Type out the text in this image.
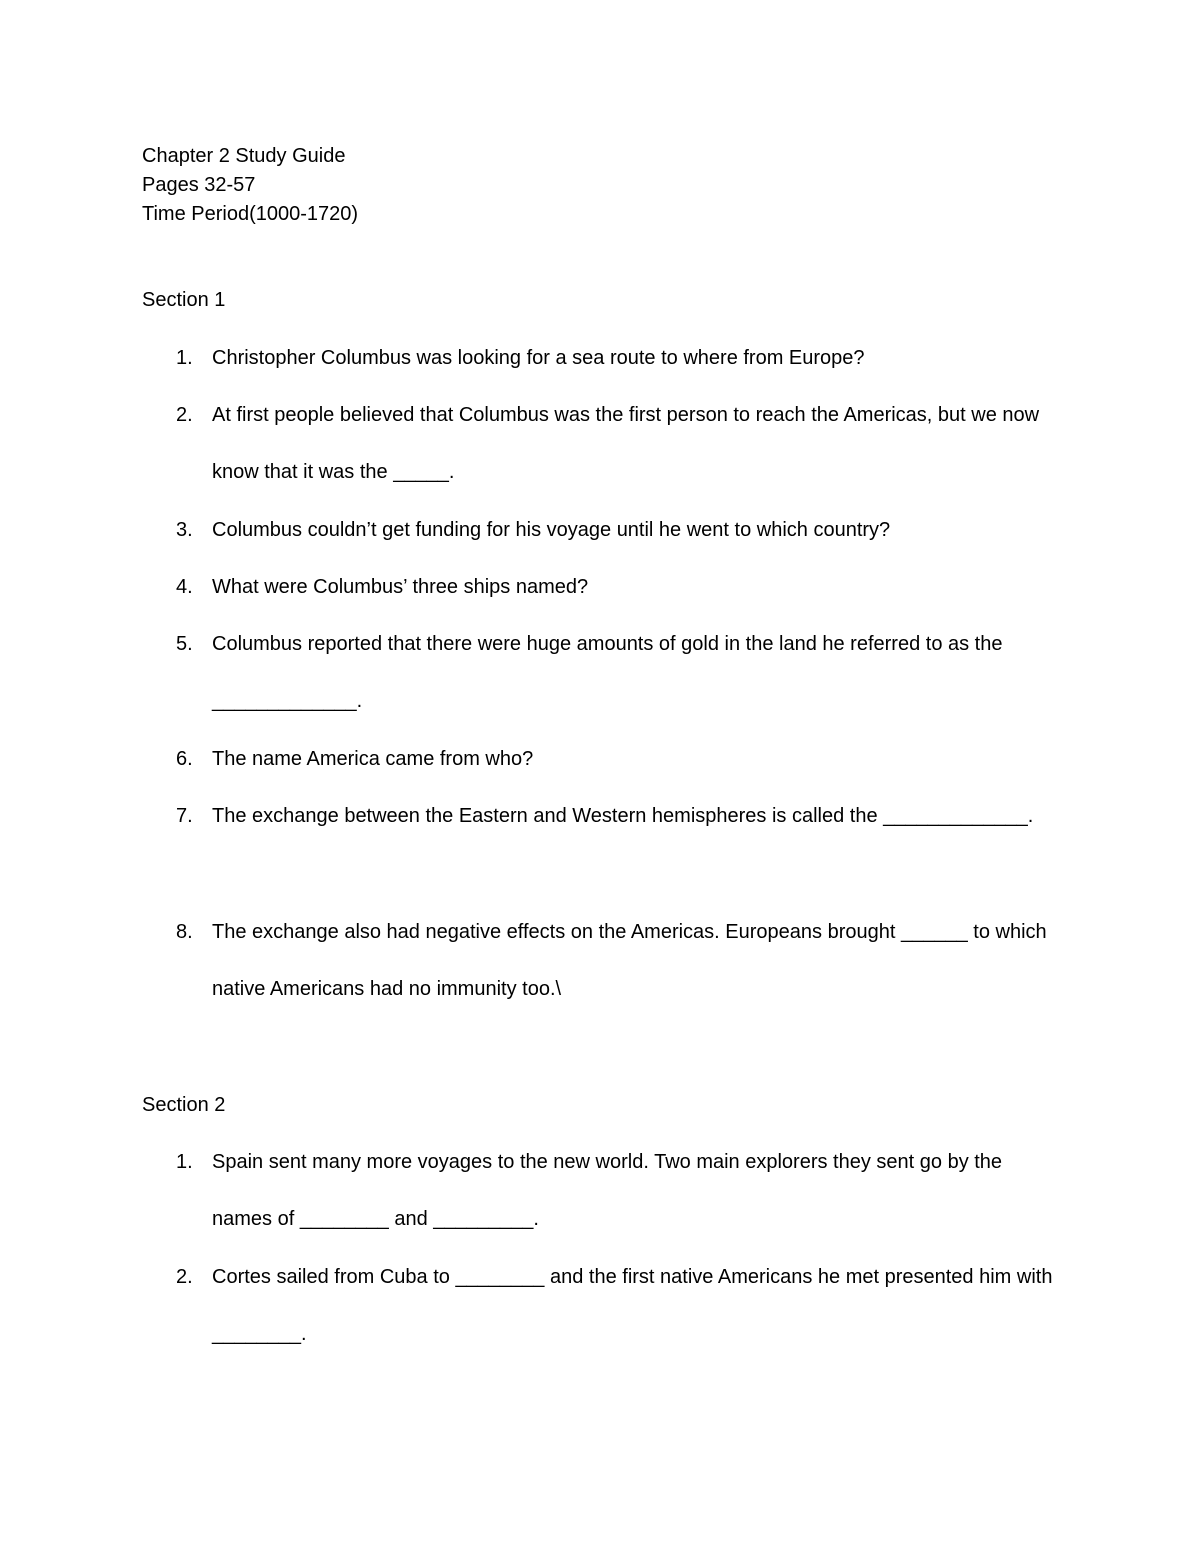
Chapter 2 Study Guide
Pages 32-57
Time Period(1000-1720)
Section 1
1. Christopher Columbus was looking for a sea route to where from Europe?
2. At first people believed that Columbus was the first person to reach the Americas, but we now know that it was the _____.
3. Columbus couldn’t get funding for his voyage until he went to which country?
4. What were Columbus’ three ships named?
5. Columbus reported that there were huge amounts of gold in the land he referred to as the _____________.
6. The name America came from who?
7. The exchange between the Eastern and Western hemispheres is called the _____________.
8. The exchange also had negative effects on the Americas. Europeans brought ______ to which native Americans had no immunity too.\
Section 2
1. Spain sent many more voyages to the new world. Two main explorers they sent go by the names of ________ and _________.
2. Cortes sailed from Cuba to ________ and the first native Americans he met presented him with ________.
